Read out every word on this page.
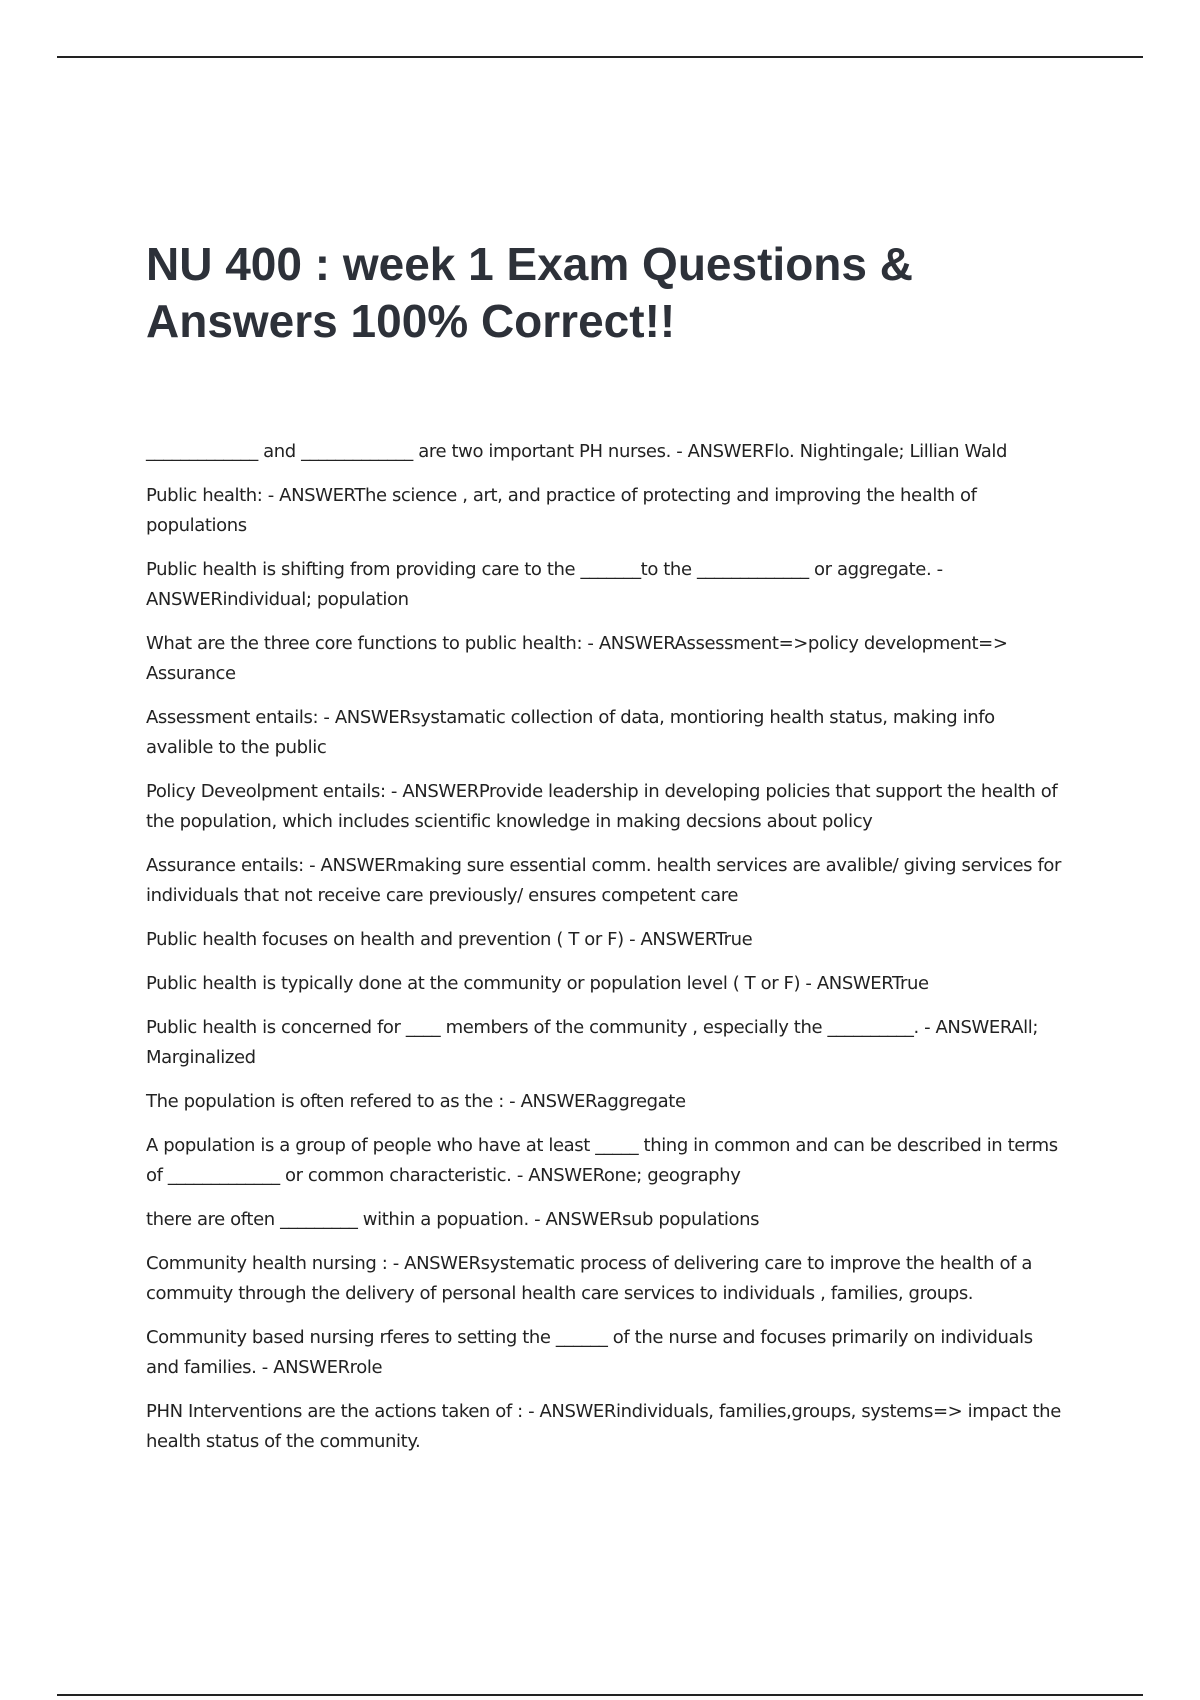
NU 400 : week 1 Exam Questions & Answers 100% Correct!!
_____________ and _____________ are two important PH nurses. - ANSWERFlo. Nightingale; Lillian Wald
Public health: - ANSWERThe science , art, and practice of protecting and improving the health of populations
Public health is shifting from providing care to the _______to the _____________ or aggregate. - ANSWERindividual; population
What are the three core functions to public health: - ANSWERAssessment=>policy development=> Assurance
Assessment entails: - ANSWERsystamatic collection of data, montioring health status, making info avalible to the public
Policy Deveolpment entails: - ANSWERProvide leadership in developing policies that support the health of the population, which includes scientific knowledge in making decsions about policy
Assurance entails: - ANSWERmaking sure essential comm. health services are avalible/ giving services for individuals that not receive care previously/ ensures competent care
Public health focuses on health and prevention ( T or F) - ANSWERTrue
Public health is typically done at the community or population level ( T or F) - ANSWERTrue
Public health is concerned for ____ members of the community , especially the __________. - ANSWERAll; Marginalized
The population is often refered to as the : - ANSWERaggregate
A population is a group of people who have at least _____ thing in common and can be described in terms of _____________ or common characteristic. - ANSWERone; geography
there are often _________ within a popuation. - ANSWERsub populations
Community health nursing : - ANSWERsystematic process of delivering care to improve the health of a commuity through the delivery of personal health care services to individuals , families, groups.
Community based nursing rferes to setting the ______ of the nurse and focuses primarily on individuals and families. - ANSWERrole
PHN Interventions are the actions taken of : - ANSWERindividuals, families,groups, systems=> impact the health status of the community.
